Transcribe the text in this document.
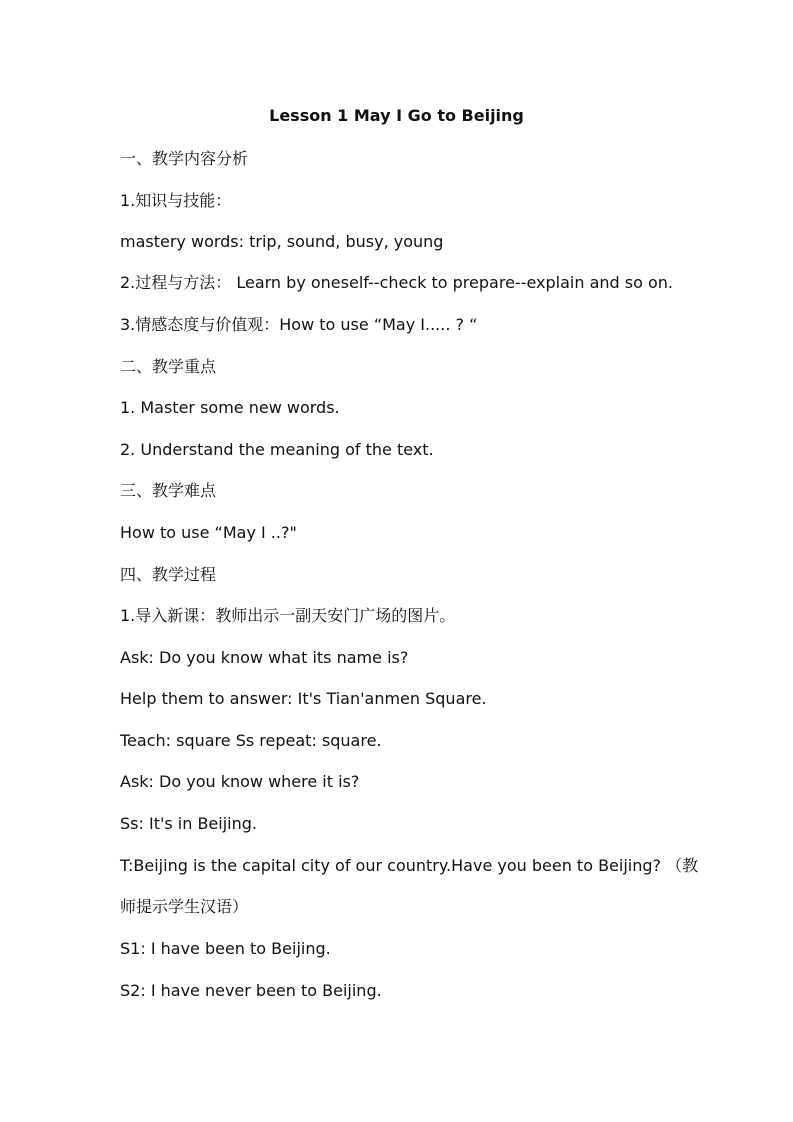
Lesson 1 May I Go to Beijing
一、教学内容分析
1.知识与技能：
mastery words: trip, sound, busy, young
2.过程与方法： Learn by oneself--check to prepare--explain and so on.
3.情感态度与价值观：How to use “May I..... ? “
二、教学重点
1. Master some new words.
2. Understand the meaning of the text.
三、教学难点
How to use “May I ..?"
四、教学过程
1.导入新课：教师出示一副天安门广场的图片。
Ask: Do you know what its name is?
Help them to answer: It's Tian'anmen Square.
Teach: square Ss repeat: square.
Ask: Do you know where it is?
Ss: It's in Beijing.
T:Beijing is the capital city of our country.Have you been to Beijing? （教
师提示学生汉语）
S1: I have been to Beijing.
S2: I have never been to Beijing.
